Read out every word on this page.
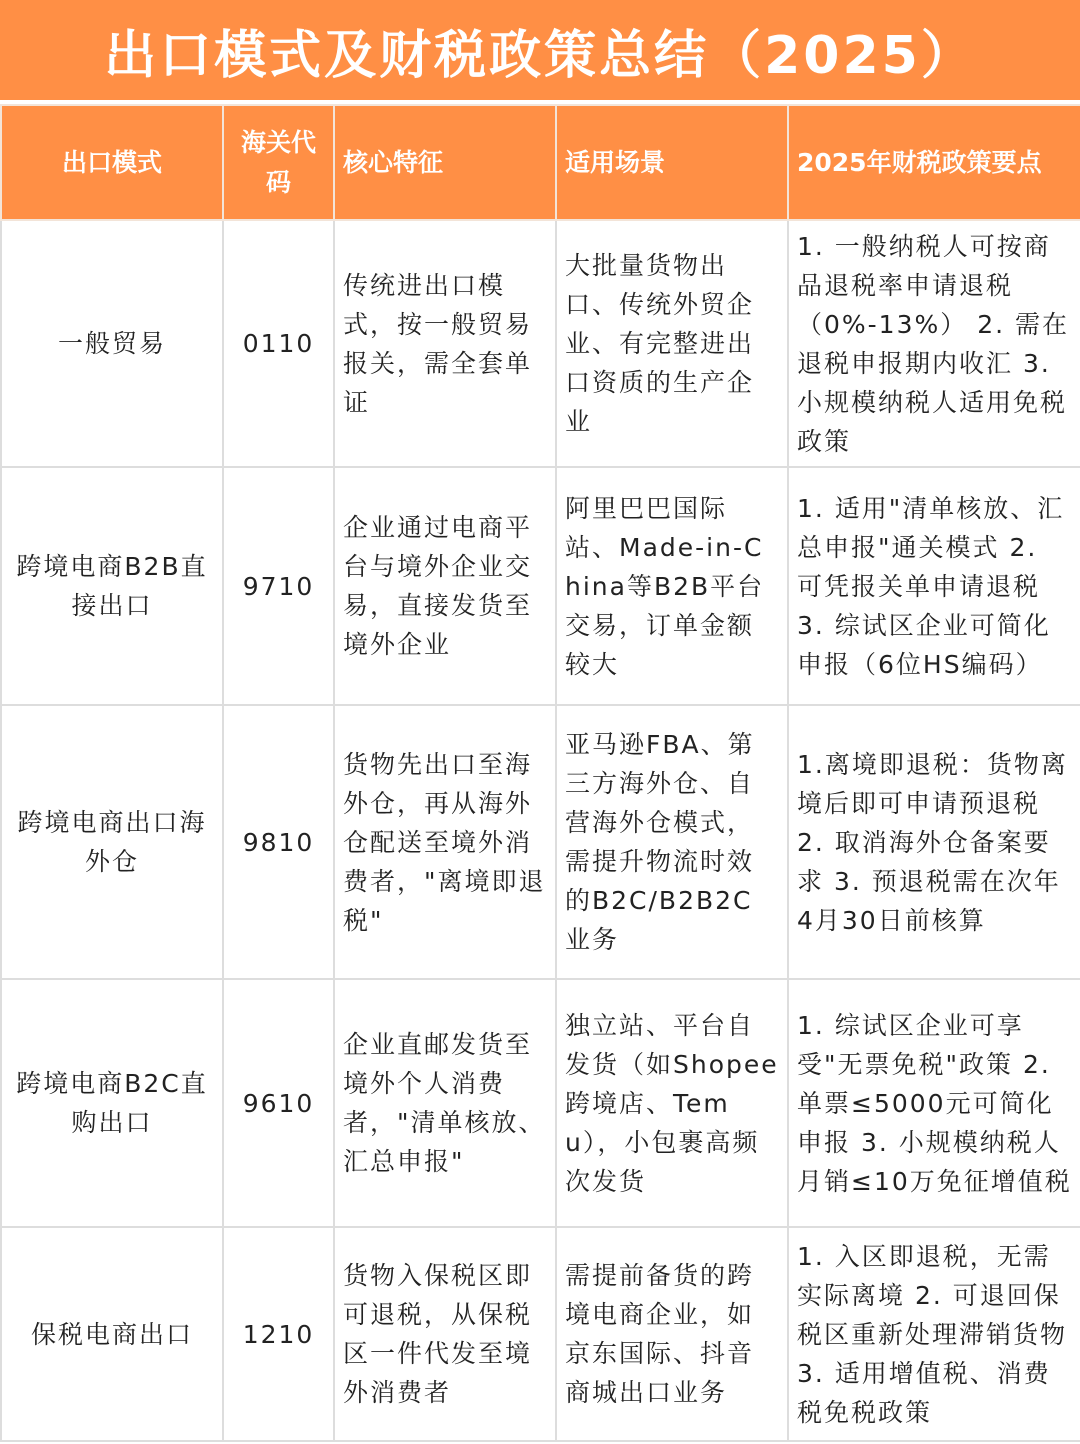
出口模式及财税政策总结（2025）
出口模式	海关代码	核心特征	适用场景	2025年财税政策要点
一般贸易	0110	传统进出口模式，按一般贸易报关，需全套单证	大批量货物出口、传统外贸企业、有完整进出口资质的生产企业	1. 一般纳税人可按商品退税率申请退税（0%-13%） 2. 需在退税申报期内收汇 3. 小规模纳税人适用免税政策
跨境电商B2B直接出口	9710	企业通过电商平台与境外企业交易，直接发货至境外企业	阿里巴巴国际站、Made-in-China等B2B平台交易，订单金额较大	1. 适用"清单核放、汇总申报"通关模式 2. 可凭报关单申请退税 3. 综试区企业可简化申报（6位HS编码）
跨境电商出口海外仓	9810	货物先出口至海外仓，再从海外仓配送至境外消费者，"离境即退税"	亚马逊FBA、第三方海外仓、自营海外仓模式，需提升物流时效的B2C/B2B2C业务	1.离境即退税：货物离境后即可申请预退税 2. 取消海外仓备案要求 3. 预退税需在次年4月30日前核算
跨境电商B2C直购出口	9610	企业直邮发货至境外个人消费者，"清单核放、汇总申报"	独立站、平台自发货（如Shopee跨境店、Temu），小包裹高频次发货	1. 综试区企业可享受"无票免税"政策 2. 单票≤5000元可简化申报 3. 小规模纳税人月销≤10万免征增值税
保税电商出口	1210	货物入保税区即可退税，从保税区一件代发至境外消费者	需提前备货的跨境电商企业，如京东国际、抖音商城出口业务	1. 入区即退税，无需实际离境 2. 可退回保税区重新处理滞销货物 3. 适用增值税、消费税免税政策
